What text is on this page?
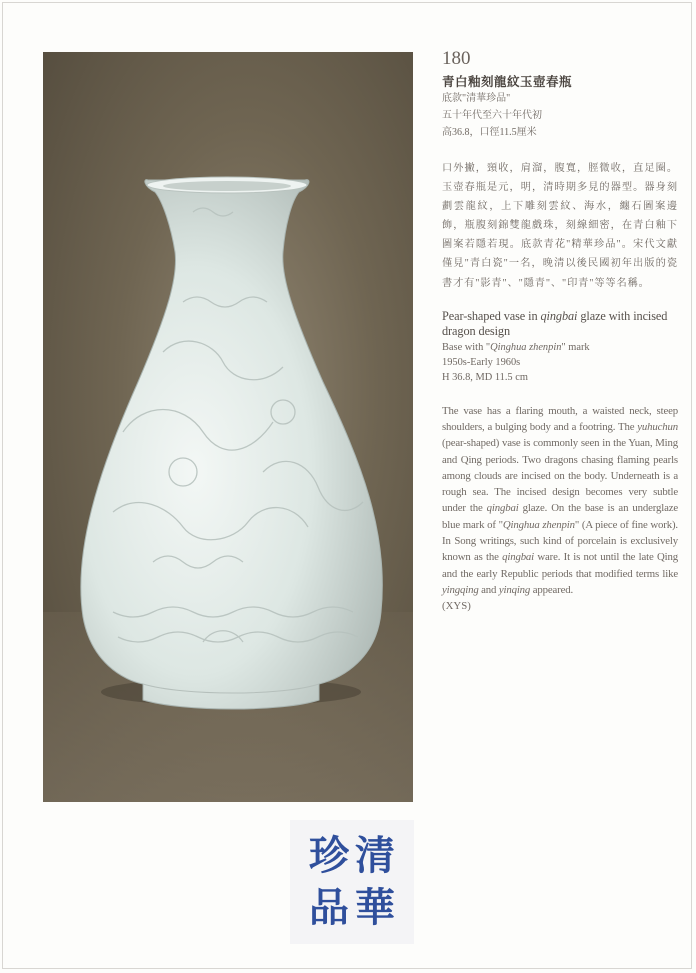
180
青白釉刻龍紋玉壺春瓶
底款"清華珍品"
五十年代至六十年代初
高36.8，口徑11.5厘米
口外撇，頸收，肩溜，腹寬，脛微收，直足圈。玉壺春瓶是元，明，清時期多見的器型。器身刻劃雲龍紋，上下雕刻雲紋、海水，纏石圖案邊飾，瓶腹刻錦雙龍戲珠，刻線細密，在青白釉下圖案若隱若現。底款青花"精華珍品"。宋代文獻僅見"青白瓷"一名，晚清以後民國初年出版的瓷書才有"影青"、"隱青"、"印青"等等名稱。
Pear-shaped vase in qingbai glaze with incised dragon design
Base with "Qinghua zhenpin" mark
1950s-Early 1960s
H 36.8, MD 11.5 cm
The vase has a flaring mouth, a waisted neck, steep shoulders, a bulging body and a footring. The yuhuchun (pear-shaped) vase is commonly seen in the Yuan, Ming and Qing periods. Two dragons chasing flaming pearls among clouds are incised on the body. Underneath is a rough sea. The incised design becomes very subtle under the qingbai glaze. On the base is an underglaze blue mark of "Qinghua zhenpin" (A piece of fine work). In Song writings, such kind of porcelain is exclusively known as the qingbai ware. It is not until the late Qing and the early Republic periods that modified terms like yingqing and yinqing appeared.
(XYS)
清
珍
華
品
